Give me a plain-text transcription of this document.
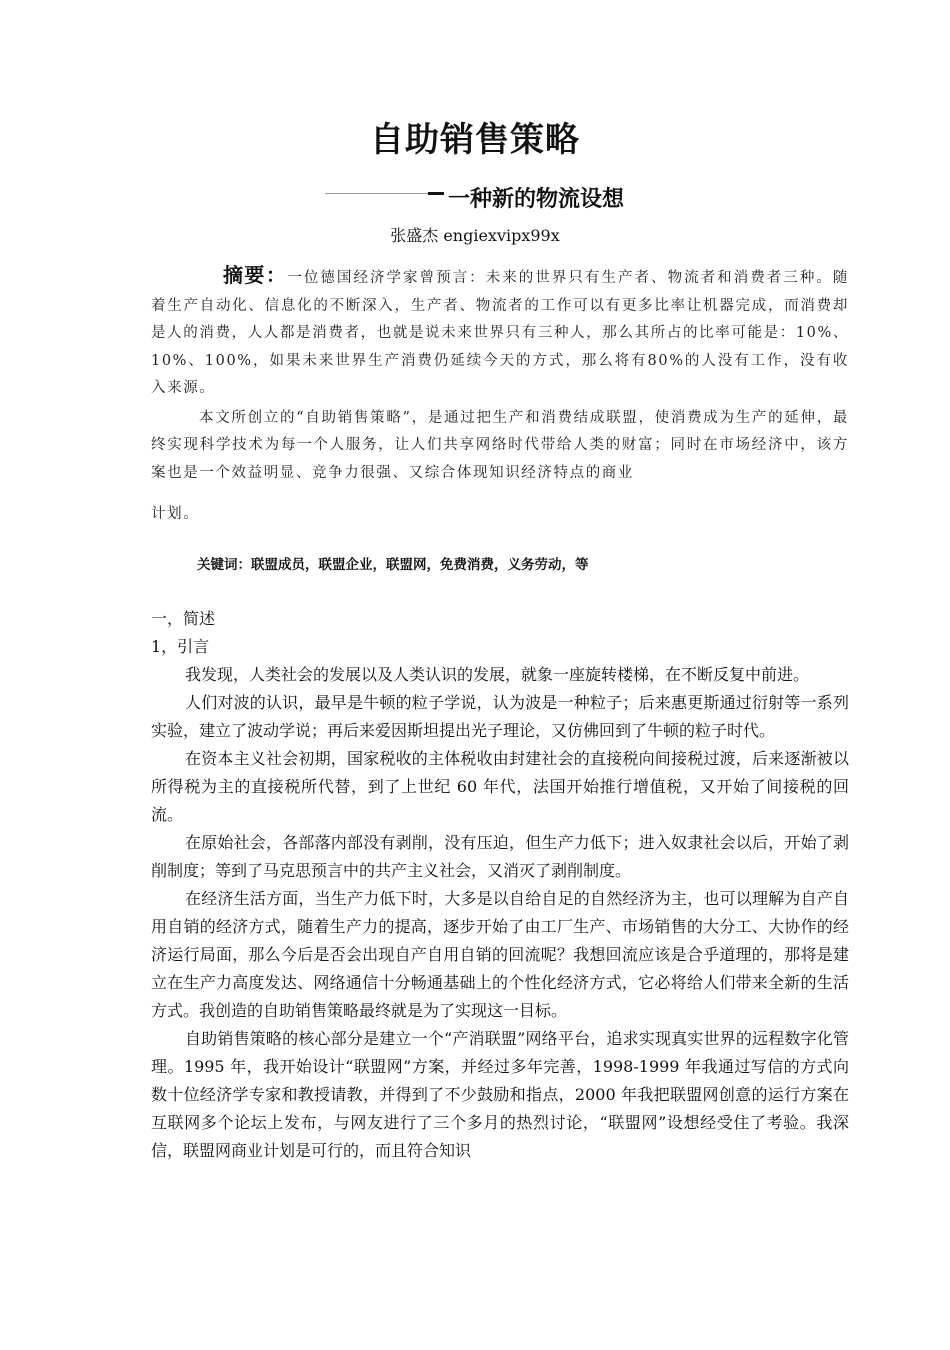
自助销售策略
一种新的物流设想
张盛杰 engiexvipx99x

摘要：一位德国经济学家曾预言：未来的世界只有生产者、物流者和消费者三种。随着生产自动化、信息化的不断深入，生产者、物流者的工作可以有更多比率让机器完成，而消费却是人的消费，人人都是消费者，也就是说未来世界只有三种人，那么其所占的比率可能是：10%、10%、100%，如果未来世界生产消费仍延续今天的方式，那么将有80%的人没有工作，没有收入来源。

本文所创立的“自助销售策略”，是通过把生产和消费结成联盟，使消费成为生产的延伸，最终实现科学技术为每一个人服务，让人们共享网络时代带给人类的财富；同时在市场经济中，该方案也是一个效益明显、竞争力很强、又综合体现知识经济特点的商业

计划。

关键词：联盟成员，联盟企业，联盟网，免费消费，义务劳动，等

一，简述

1，引言

我发现，人类社会的发展以及人类认识的发展，就象一座旋转楼梯，在不断反复中前进。

人们对波的认识，最早是牛顿的粒子学说，认为波是一种粒子；后来惠更斯通过衍射等一系列实验，建立了波动学说；再后来爱因斯坦提出光子理论，又仿佛回到了牛顿的粒子时代。

在资本主义社会初期，国家税收的主体税收由封建社会的直接税向间接税过渡，后来逐渐被以所得税为主的直接税所代替，到了上世纪 60 年代，法国开始推行增值税，又开始了间接税的回流。

在原始社会，各部落内部没有剥削，没有压迫，但生产力低下；进入奴隶社会以后，开始了剥削制度；等到了马克思预言中的共产主义社会，又消灭了剥削制度。

在经济生活方面，当生产力低下时，大多是以自给自足的自然经济为主，也可以理解为自产自用自销的经济方式，随着生产力的提高，逐步开始了由工厂生产、市场销售的大分工、大协作的经济运行局面，那么今后是否会出现自产自用自销的回流呢？我想回流应该是合乎道理的，那将是建立在生产力高度发达、网络通信十分畅通基础上的个性化经济方式，它必将给人们带来全新的生活方式。我创造的自助销售策略最终就是为了实现这一目标。

自助销售策略的核心部分是建立一个“产消联盟”网络平台，追求实现真实世界的远程数字化管理。1995 年，我开始设计“联盟网”方案，并经过多年完善，1998-1999 年我通过写信的方式向数十位经济学专家和教授请教，并得到了不少鼓励和指点，2000 年我把联盟网创意的运行方案在互联网多个论坛上发布，与网友进行了三个多月的热烈讨论，“联盟网”设想经受住了考验。我深信，联盟网商业计划是可行的，而且符合知识
